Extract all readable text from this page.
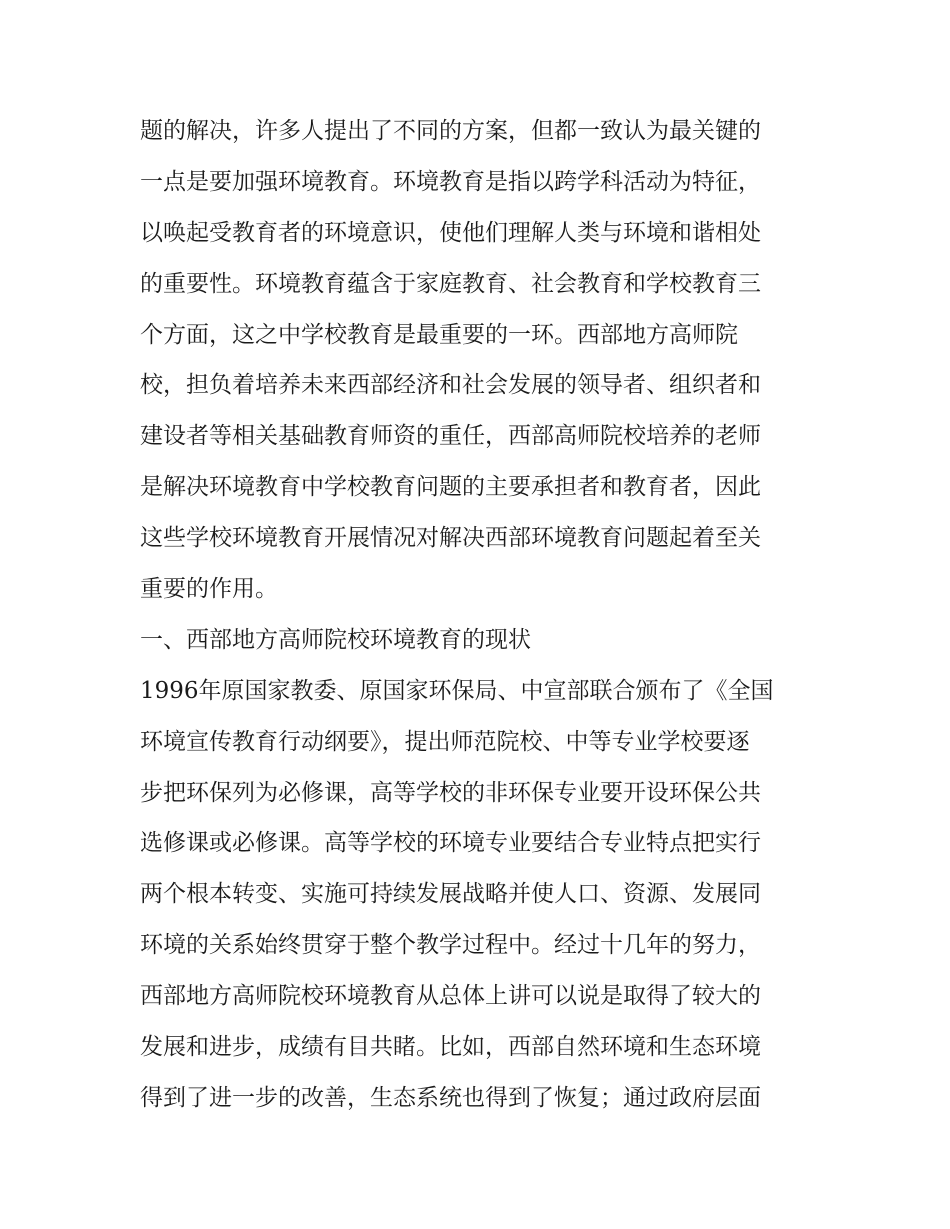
题的解决，许多人提出了不同的方案，但都一致认为最关键的
一点是要加强环境教育。环境教育是指以跨学科活动为特征，
以唤起受教育者的环境意识，使他们理解人类与环境和谐相处
的重要性。环境教育蕴含于家庭教育、社会教育和学校教育三
个方面，这之中学校教育是最重要的一环。西部地方高师院
校，担负着培养未来西部经济和社会发展的领导者、组织者和
建设者等相关基础教育师资的重任，西部高师院校培养的老师
是解决环境教育中学校教育问题的主要承担者和教育者，因此
这些学校环境教育开展情况对解决西部环境教育问题起着至关
重要的作用。
一、西部地方高师院校环境教育的现状
1996年原国家教委、原国家环保局、中宣部联合颁布了《全国
环境宣传教育行动纲要》，提出师范院校、中等专业学校要逐
步把环保列为必修课，高等学校的非环保专业要开设环保公共
选修课或必修课。高等学校的环境专业要结合专业特点把实行
两个根本转变、实施可持续发展战略并使人口、资源、发展同
环境的关系始终贯穿于整个教学过程中。经过十几年的努力，
西部地方高师院校环境教育从总体上讲可以说是取得了较大的
发展和进步，成绩有目共睹。比如，西部自然环境和生态环境
得到了进一步的改善，生态系统也得到了恢复；通过政府层面
